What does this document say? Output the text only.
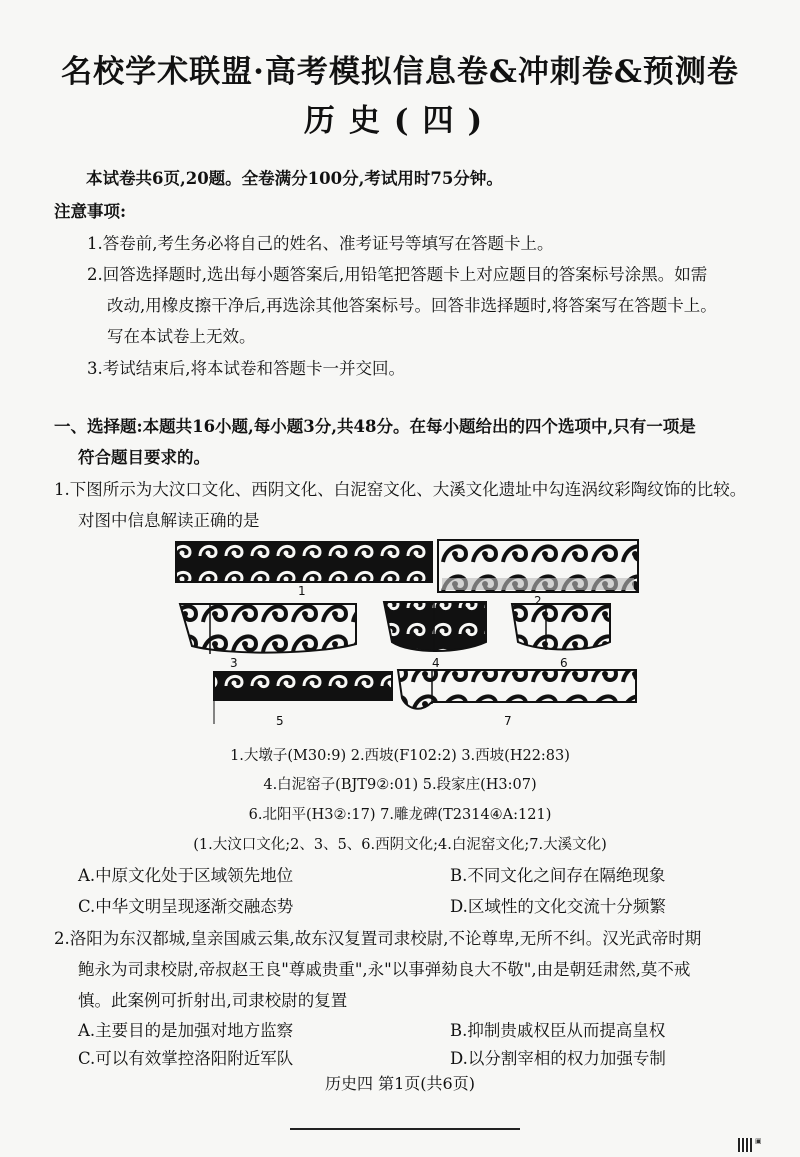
名校学术联盟·高考模拟信息卷&冲刺卷&预测卷
历史(四)
本试卷共6页,20题。全卷满分100分,考试用时75分钟。
注意事项:
1.答卷前,考生务必将自己的姓名、准考证号等填写在答题卡上。
2.回答选择题时,选出每小题答案后,用铅笔把答题卡上对应题目的答案标号涂黑。如需
改动,用橡皮擦干净后,再选涂其他答案标号。回答非选择题时,将答案写在答题卡上。
写在本试卷上无效。
3.考试结束后,将本试卷和答题卡一并交回。
一、选择题:本题共16小题,每小题3分,共48分。在每小题给出的四个选项中,只有一项是
符合题目要求的。
1.下图所示为大汶口文化、西阴文化、白泥窑文化、大溪文化遗址中勾连涡纹彩陶纹饰的比较。
对图中信息解读正确的是
1
2
3	4	6
5	7
1.大墩子(M30:9) 2.西坡(F102:2) 3.西坡(H22:83)
4.白泥窑子(BJT9②:01) 5.段家庄(H3:07)
6.北阳平(H3②:17) 7.雕龙碑(T2314④A:121)
(1.大汶口文化;2、3、5、6.西阴文化;4.白泥窑文化;7.大溪文化)
A.中原文化处于区域领先地位	B.不同文化之间存在隔绝现象
C.中华文明呈现逐渐交融态势	D.区域性的文化交流十分频繁
2.洛阳为东汉都城,皇亲国戚云集,故东汉复置司隶校尉,不论尊卑,无所不纠。汉光武帝时期
鲍永为司隶校尉,帝叔赵王良"尊戚贵重",永"以事弹劾良大不敬",由是朝廷肃然,莫不戒
慎。此案例可折射出,司隶校尉的复置
A.主要目的是加强对地方监察	B.抑制贵戚权臣从而提高皇权
C.可以有效掌控洛阳附近军队	D.以分割宰相的权力加强专制
历史四 第1页(共6页)
▣
